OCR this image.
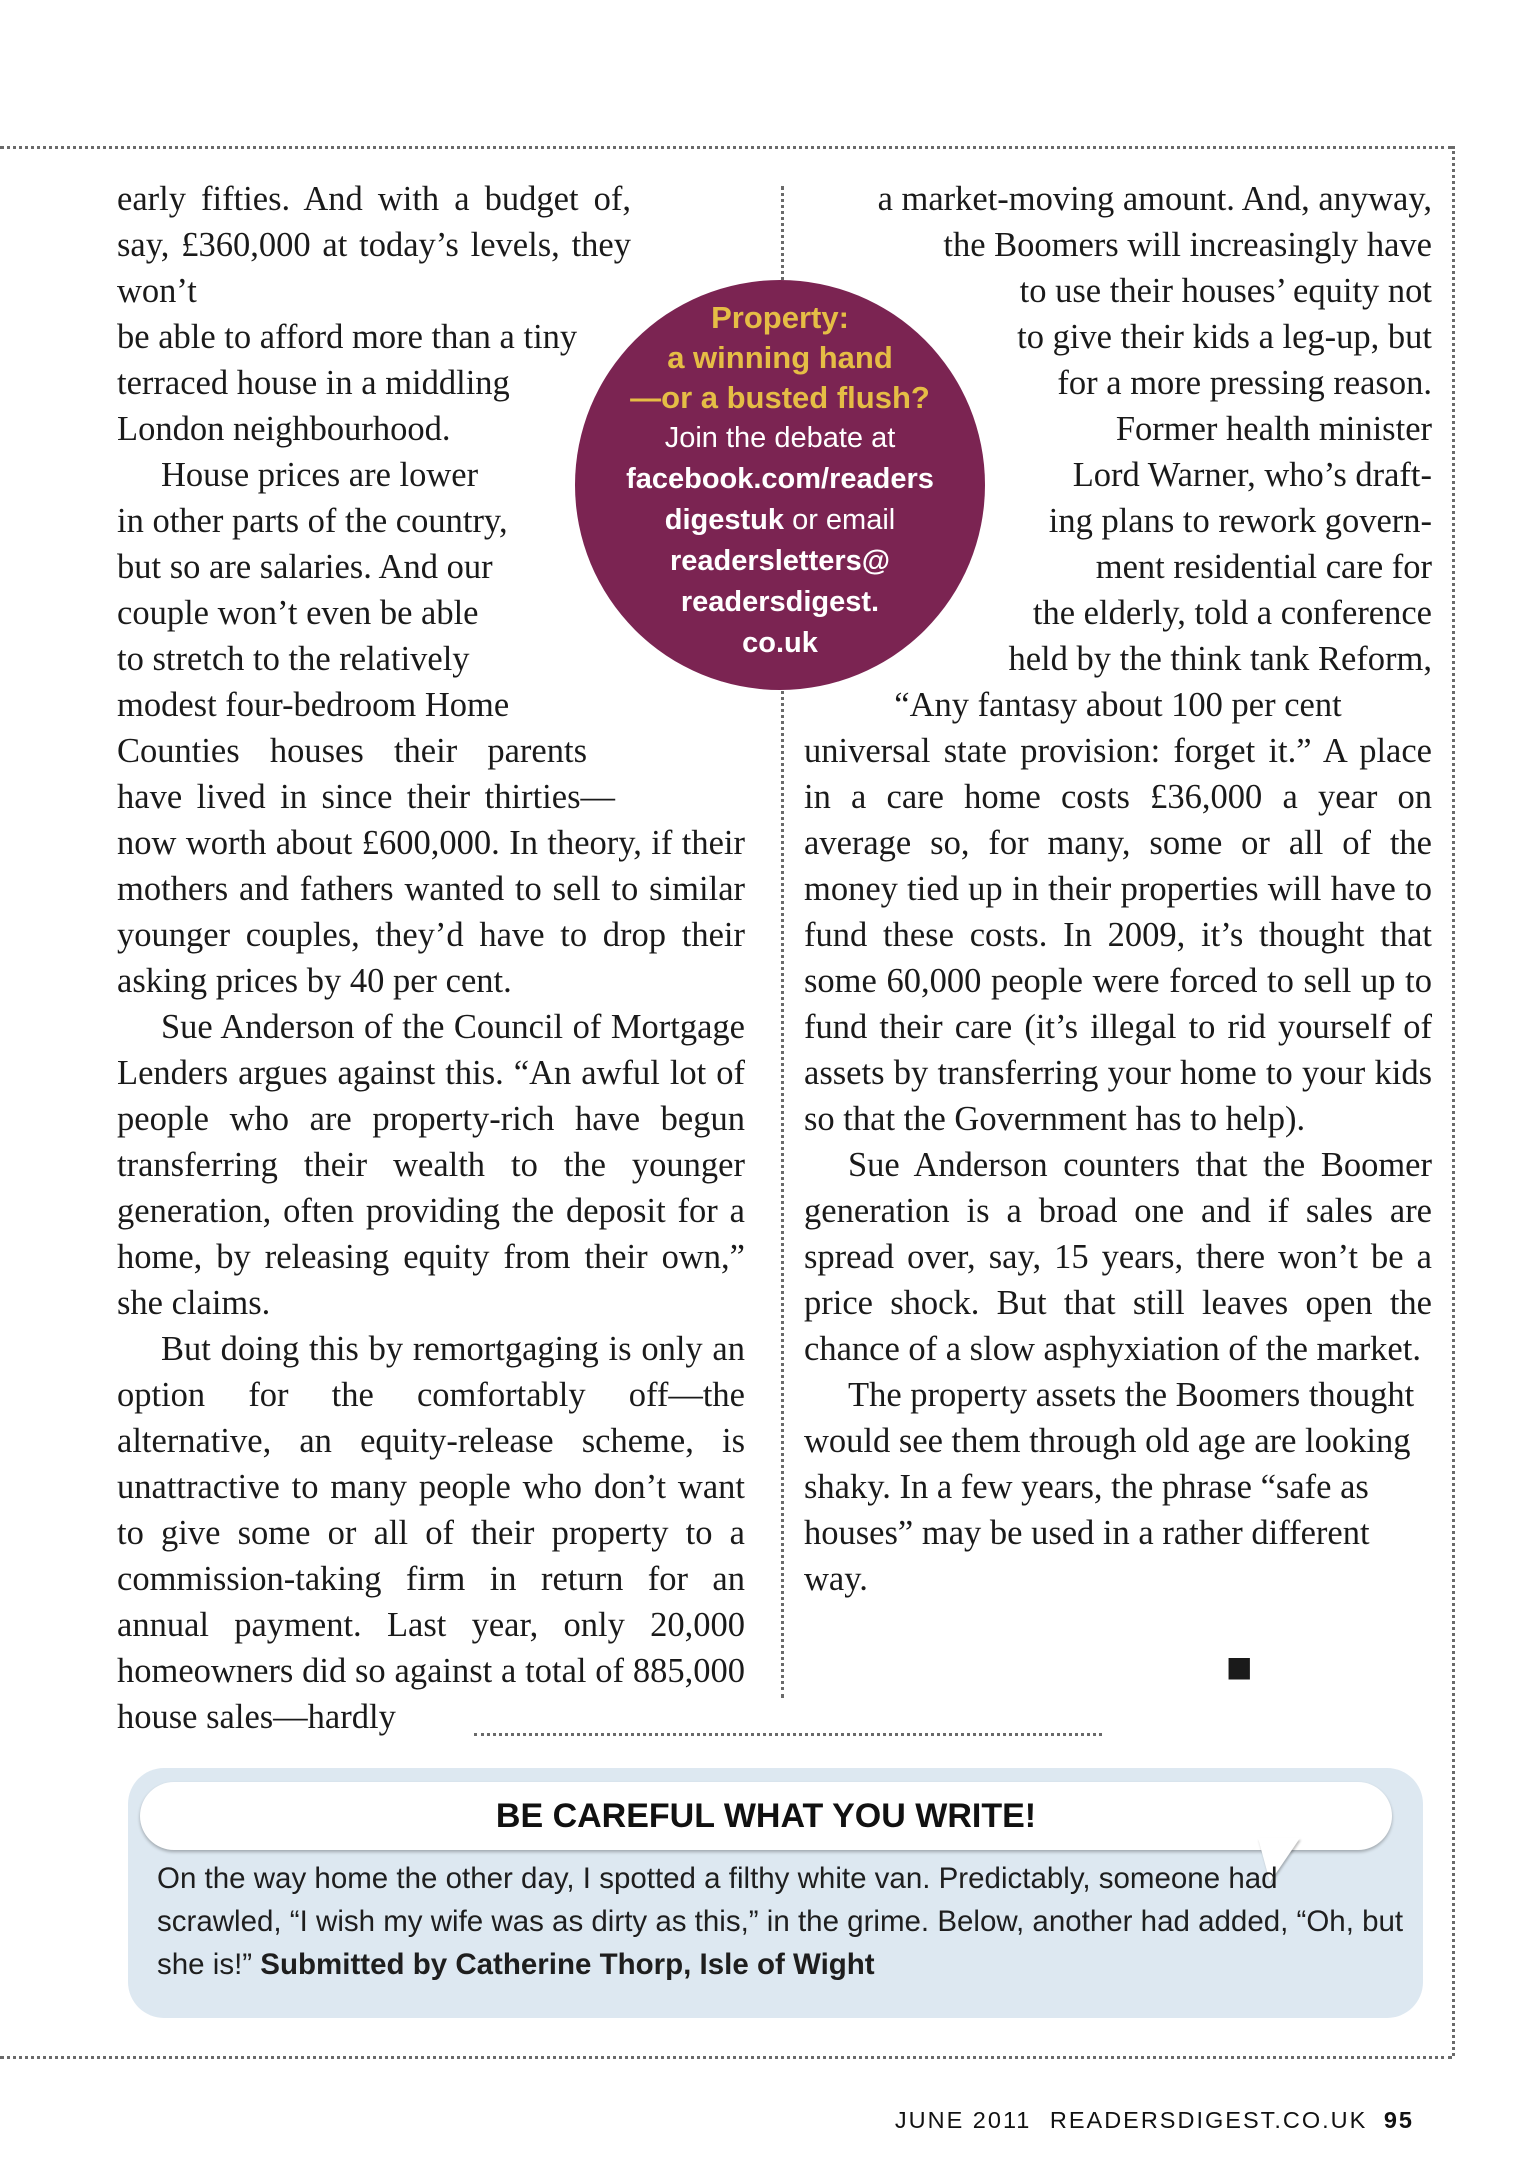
early fifties. And with a budget of, say, £360,000 at today’s levels, they won’t

be able to afford more than a tiny

terraced house in a middling

London neighbourhood.

House prices are lower

in other parts of the country,

but so are salaries. And our

couple won’t even be able

to stretch to the relatively

modest four-bedroom Home

Counties houses their parents have lived in since their thirties—now worth about £600,000. In theory, if their mothers and fathers wanted to sell to similar younger couples, they’d have to drop their asking prices by 40 per cent.

Sue Anderson of the Council of Mortgage Lenders argues against this. “An awful lot of people who are property-rich have begun transferring their wealth to the younger generation, often providing the deposit for a home, by releasing equity from their own,” she claims.

But doing this by remortgaging is only an option for the comfortably off—the alternative, an equity-release scheme, is unattractive to many people who don’t want to give some or all of their property to a commission-taking firm in return for an annual payment. Last year, only 20,000 homeowners did so against a total of 885,000 house sales—hardly

a market-moving amount. And, anyway,

the Boomers will increasingly have

to use their houses’ equity not

to give their kids a leg-up, but

for a more pressing reason.

Former health minister

Lord Warner, who’s draft-

ing plans to rework govern-

ment residential care for

the elderly, told a conference

held by the think tank Reform,

“Any fantasy about 100 per cent

universal state provision: forget it.” A place in a care home costs £36,000 a year on average so, for many, some or all of the money tied up in their properties will have to fund these costs. In 2009, it’s thought that some 60,000 people were forced to sell up to fund their care (it’s illegal to rid yourself of assets by transferring your home to your kids so that the Government has to help).

Sue Anderson counters that the Boomer generation is a broad one and if sales are spread over, say, 15 years, there won’t be a price shock. But that still leaves open the chance of a slow asphyxiation of the market.

The property assets the Boomers thought would see them through old age are looking shaky. In a few years, the phrase “safe as houses” may be used in a rather different way.

■
Property:
a winning hand
—or a busted flush?
Join the debate at
facebook.com/readers
digestuk or email
readersletters@
readersdigest.
co.uk
BE CAREFUL WHAT YOU WRITE!
On the way home the other day, I spotted a filthy white van. Predictably, someone had scrawled, “I wish my wife was as dirty as this,” in the grime. Below, another had added, “Oh, but she is!” Submitted by Catherine Thorp, Isle of Wight
JUNE 2011 READERSDIGEST.CO.UK 95
